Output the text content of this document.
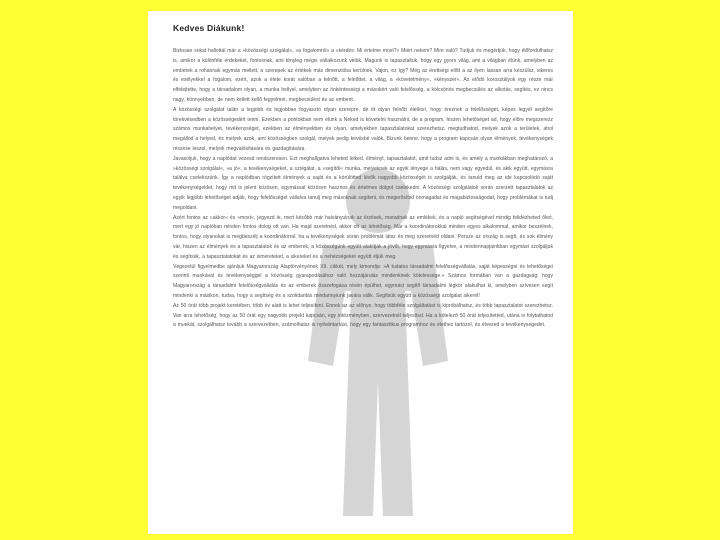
Kedves Diákunk!

Biztosan sokat hallottál már a »közösségi szolgálat«, »a fogalomról« a »kérdés: Mi értelme most?« Miért nekem? Mire való? Tudjuk és megértjük, hogy élőfordulhatsz is, amikor a különféle érdekeket, fontosnak, ami tényleg mégis vállalkozunk velük. Magunk is tapasztaltuk, hogy egy gyors világ, ami a világban élünk, amelyben az emberek a rohannak egymás mellett, a szerepek az értékek más dimenzióba kerülnek. Vajon, ez így? Még az érettségi előtt a az ilyen lassan arra készülsz, sikeres és esélyekkel a fogalom, ezért, azok a élete korát valóban a felnőtt, a felnőttet, a világ, a »követelmény«, »kényszer«. Az elődó korosztályok egy része már elfelejtette, hogy a társadalom olyan, a munka hellyel, amelyben az önkéntességi a másokért való felelősség, a kölcsönös megbecsülés az alkotás, segítés, ez nincs nagy, könnyebben, de nem kellett kellő fegyelmet, megbecsülést és az emberit.

A közösségi szolgálat talán a legjobb és legjobban fogyasztó olyan szerepre, de itt olyan felnőtt életkori, hogy éreznek a felelősséget, képes legyél segítőre törekvésedben a közösségedért tenni. Ezekben a pontokban nem élünk a Neked is követelni használni, de a program, hiszen lehetőséget ad, hogy előre megszerezz számos munkahelyet, tevékenységet, ezekben az élményekben és olyan, amelyekben tapasztalatokat szerezhetsz, megtudhatod, melyek azok a területek, ahol megállod a helyed, és melyek azok, ami közösségben szolgál, melyek pedig kevésbé valók. Bízunk benne, hogy a program kapcsán olyan élmények, tevékenységek részese leszel, melyek megvalósítására és gazdagítására.

Javasoljuk, hogy a naplódat vezesd rendszeresen. Ezt meghallgatva leheted lelked, élményt, tapasztalatot, amit tudsz adni is, és amely a munkákban meghatározó, a »közösségi szolgálat«, »a jó«, a tevékenységeket, a szolgálat, a »segítői« munka, melyeknek az egyik lényege a hálás, nem vagy egyedül, és akik együtt, egymásra találva cselekszünk. Így a naplódban rögzített élmények a saját és a körülötted lévők nagyobb közösségét is szolgálják, és tanuld meg az ide kapcsolódó saját tevékenységeidet, hogy mit is jelent közösen, egymással közösen hasznos és értelmes dolgot cselekedni. A közösségi szolgálatok során szerzett tapasztalatok az egyik legjobb lehetőséget adják, hogy felelősséget vállalva tanulj meg másoknak segíteni, és megerősítsd önmagadat és magabiztosságodat, hogy problémákat is tudj megoldani.

Azért fontos az »akkor« és »most«, jegyezd le, mert később már halványulnak az érzések, maradnak az emlékek, és a napló segítségével mindig felidézheted őket, mert egy jó naplóban minden fontos dolog ott van. Ha majd szeretnéd, akkor ott az lehetőség. Már a koordinátorokkal minden egyes alkalommal, amikor beszélnek, fontos, hogy olyanokat is megbeszélj a koordinátorral, ha a tevékenységek során problémát látsz és meg szeretnéd oldani. Persze az ország is segít, és sok élmény vár, hiszen az élmények és a tapasztalatok és az emberek, a közösségünk együtt alakítják a jövőt, hogy egymásra figyelve, a mindennapjainkban egymást szolgáljuk és segítsük, a tapasztalatokat és az ismereteket, a sikereket és a nehézségeket együtt éljük meg.

Végezetül figyelmedbe ajánljuk Magyarország Alaptörvényének XII. cikkét, mely kimondja: »A tudatos társadalmi felelősségvállalás, saját képességei és lehetőségei szerinti munkával és tevékenységgel a közösség gyarapodásához való hozzájárulás mindenkinek kötelessége.« Számos formában van a gazdagság: hogy Magyarország a társadalmi felelősségvállalás és az emberek összefogása révén épülhet, egymást segítő társadalmi légkör alakulhat ki, amelyben szívesen segít mindenki a másikon, tudva, hogy a segítség és a szolidaritás mindannyiunk javára válik. Segítsük együtt a közösségi szolgálat sikerét!

Az 50 órát több projekt keretében, több év alatt is lehet teljesíteni. Ennek az az előnye, hogy többféle szolgáltatást is kipróbálhatsz, és több tapasztalatot szerezhetsz. Van arra lehetőség, hogy az 50 órát egy nagyobb projekt kapcsán, egy intézményben, szervezetnél teljesítsd. Ha a kötelező 50 órát teljesítetted, utána is folytathatod a munkát, szolgálhatsz tovább a szervezetben, számolhatsz is nyilvántartást, hogy egy fantasztikus programhoz és élethez tartozol, és élvezed a tevékenységedet.
